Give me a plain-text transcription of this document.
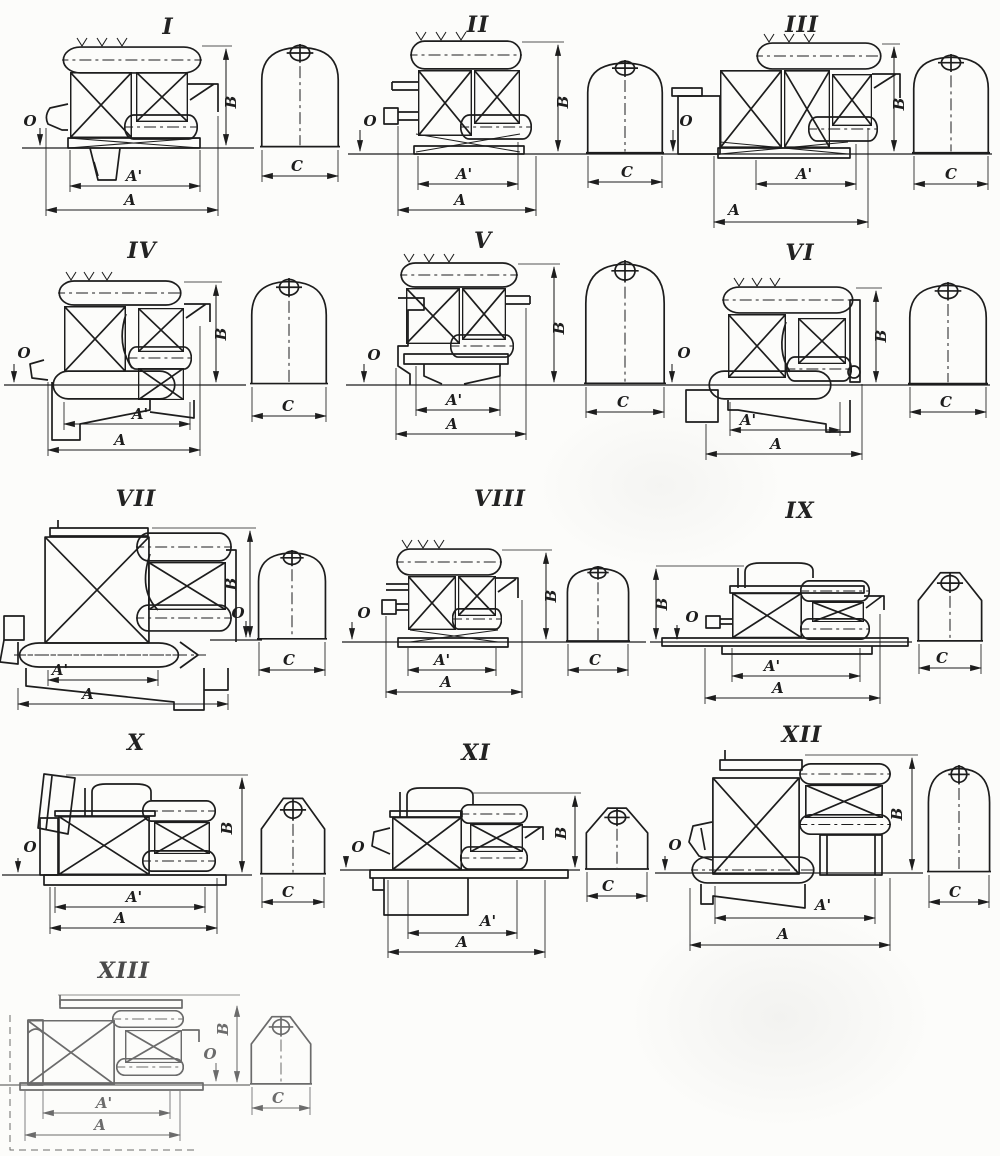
I	II	III
IV	V	VI
VII	VIII	IX
X	XI
XII
XIII
O
B
A'
A
C
O
B
A'
A
C
O
B
A'
A
C
O
B
A'
A
C
O
B
A'
A
C
O
B
A'
A
C
O
B
A'
A
C
O
B
A'
A
C
B
O
A'
A
C
O
B
A'
A
C
O
B
A'
A
C
O
B
A'
A
C
B
O
A'
A
C
